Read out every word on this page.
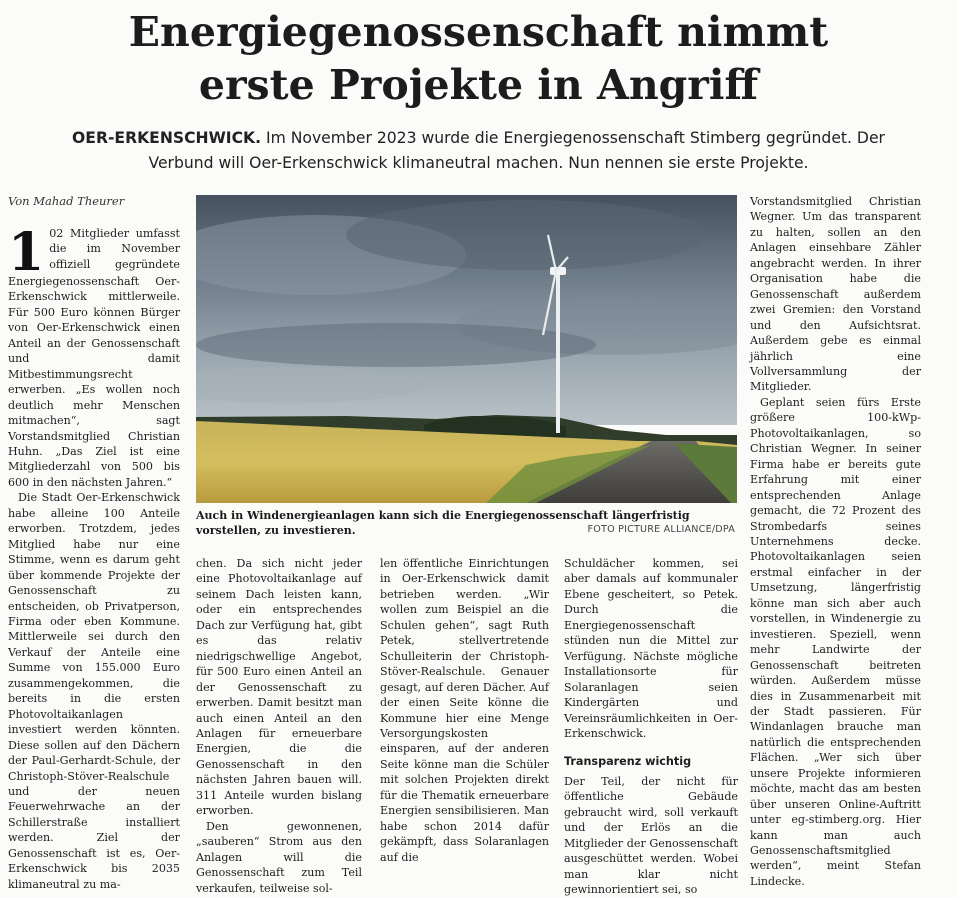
Energiegenossenschaft nimmt
erste Projekte in Angriff
OER-ERKENSCHWICK. Im November 2023 wurde die Energiegenossenschaft Stimberg gegründet. Der
Verbund will Oer-Erkenschwick klimaneutral machen. Nun nennen sie erste Projekte.
Von Mahad Theurer
1 02 Mitglieder umfasst die im November offiziell gegründete Energiegenossenschaft Oer-Erkenschwick mittlerweile. Für 500 Euro können Bürger von Oer-Erkenschwick einen Anteil an der Genossenschaft und damit Mitbestimmungsrecht erwerben. „Es wollen noch deutlich mehr Menschen mitmachen“, sagt Vorstandsmitglied Christian Huhn. „Das Ziel ist eine Mitgliederzahl von 500 bis 600 in den nächsten Jahren.“

Die Stadt Oer-Erkenschwick habe alleine 100 Anteile erworben. Trotzdem, jedes Mitglied habe nur eine Stimme, wenn es darum geht über kommende Projekte der Genossenschaft zu entscheiden, ob Privatperson, Firma oder eben Kommune. Mittlerweile sei durch den Verkauf der Anteile eine Summe von 155.000 Euro zusammengekommen, die bereits in die ersten Photovoltaikanlagen investiert werden könnten. Diese sollen auf den Dächern der Paul-Gerhardt-Schule, der Christoph-Stöver-Realschule und der neuen Feuerwehrwache an der Schillerstraße installiert werden. Ziel der Genossenschaft ist es, Oer-Erkenschwick bis 2035 klimaneutral zu ma-

Auch in Windenergieanlagen kann sich die Energiegenossenschaft längerfristig vorstellen, zu investieren.	FOTO PICTURE ALLIANCE/DPA

chen. Da sich nicht jeder eine Photovoltaikanlage auf seinem Dach leisten kann, oder ein entsprechendes Dach zur Verfügung hat, gibt es das relativ niedrigschwellige Angebot, für 500 Euro einen Anteil an der Genossenschaft zu erwerben. Damit besitzt man auch einen Anteil an den Anlagen für erneuerbare Energien, die die Genossenschaft in den nächsten Jahren bauen will. 311 Anteile wurden bislang erworben.

Den gewonnenen, „sauberen“ Strom aus den Anlagen will die Genossenschaft zum Teil verkaufen, teilweise sol-

len öffentliche Einrichtungen in Oer-Erkenschwick damit betrieben werden. „Wir wollen zum Beispiel an die Schulen gehen“, sagt Ruth Petek, stellvertretende Schulleiterin der Christoph-Stöver-Realschule. Genauer gesagt, auf deren Dächer. Auf der einen Seite könne die Kommune hier eine Menge Versorgungskosten einsparen, auf der anderen Seite könne man die Schüler mit solchen Projekten direkt für die Thematik erneuerbare Energien sensibilisieren. Man habe schon 2014 dafür gekämpft, dass Solaranlagen auf die

Schuldächer kommen, sei aber damals auf kommunaler Ebene gescheitert, so Petek. Durch die Energiegenossenschaft stünden nun die Mittel zur Verfügung. Nächste mögliche Installationsorte für Solaranlagen seien Kindergärten und Vereinsräumlichkeiten in Oer-Erkenschwick.

Transparenz wichtig

Der Teil, der nicht für öffentliche Gebäude gebraucht wird, soll verkauft und der Erlös an die Mitglieder der Genossenschaft ausgeschüttet werden. Wobei man klar nicht gewinnorientiert sei, so

Vorstandsmitglied Christian Wegner. Um das transparent zu halten, sollen an den Anlagen einsehbare Zähler angebracht werden. In ihrer Organisation habe die Genossenschaft außerdem zwei Gremien: den Vorstand und den Aufsichtsrat. Außerdem gebe es einmal jährlich eine Vollversammlung der Mitglieder.

Geplant seien fürs Erste größere 100-kWp-Photovoltaikanlagen, so Christian Wegner. In seiner Firma habe er bereits gute Erfahrung mit einer entsprechenden Anlage gemacht, die 72 Prozent des Strombedarfs seines Unternehmens decke. Photovoltaikanlagen seien erstmal einfacher in der Umsetzung, längerfristig könne man sich aber auch vorstellen, in Windenergie zu investieren. Speziell, wenn mehr Landwirte der Genossenschaft beitreten würden. Außerdem müsse dies in Zusammenarbeit mit der Stadt passieren. Für Windanlagen brauche man natürlich die entsprechenden Flächen. „Wer sich über unsere Projekte informieren möchte, macht das am besten über unseren Online-Auftritt unter eg-stimberg.org. Hier kann man auch Genossenschaftsmitglied werden“, meint Stefan Lindecke.
